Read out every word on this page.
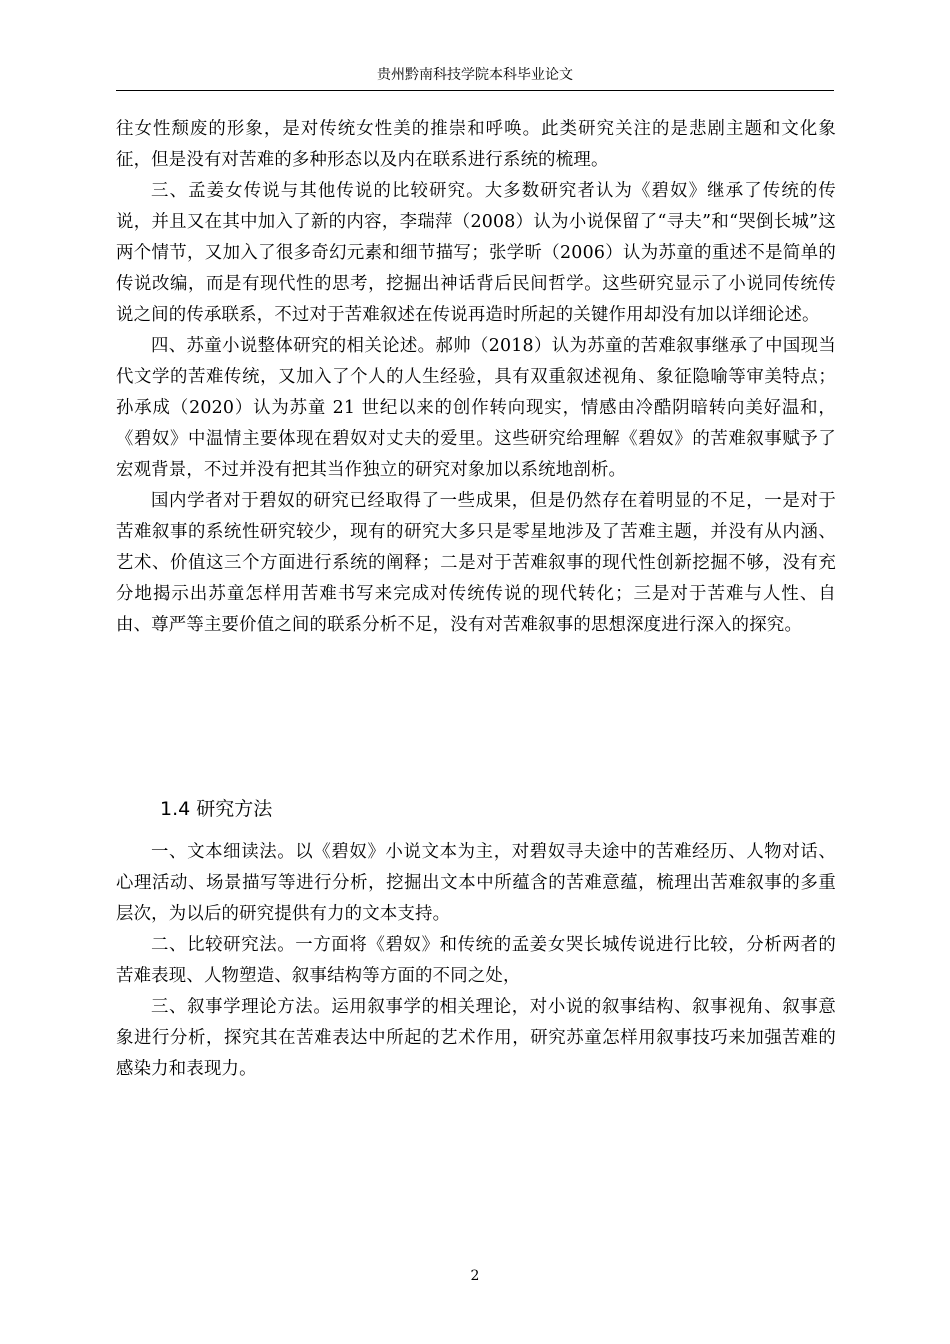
贵州黔南科技学院本科毕业论文

往女性颓废的形象，是对传统女性美的推崇和呼唤。此类研究关注的是悲剧主题和文化象征，但是没有对苦难的多种形态以及内在联系进行系统的梳理。

三、孟姜女传说与其他传说的比较研究。大多数研究者认为《碧奴》继承了传统的传说，并且又在其中加入了新的内容，李瑞萍（2008）认为小说保留了“寻夫”和“哭倒长城”这两个情节，又加入了很多奇幻元素和细节描写；张学昕（2006）认为苏童的重述不是简单的传说改编，而是有现代性的思考，挖掘出神话背后民间哲学。这些研究显示了小说同传统传说之间的传承联系，不过对于苦难叙述在传说再造时所起的关键作用却没有加以详细论述。

四、苏童小说整体研究的相关论述。郝帅（2018）认为苏童的苦难叙事继承了中国现当代文学的苦难传统，又加入了个人的人生经验，具有双重叙述视角、象征隐喻等审美特点；孙承成（2020）认为苏童 21 世纪以来的创作转向现实，情感由冷酷阴暗转向美好温和，《碧奴》中温情主要体现在碧奴对丈夫的爱里。这些研究给理解《碧奴》的苦难叙事赋予了宏观背景，不过并没有把其当作独立的研究对象加以系统地剖析。

国内学者对于碧奴的研究已经取得了一些成果，但是仍然存在着明显的不足，一是对于苦难叙事的系统性研究较少，现有的研究大多只是零星地涉及了苦难主题，并没有从内涵、艺术、价值这三个方面进行系统的阐释；二是对于苦难叙事的现代性创新挖掘不够，没有充分地揭示出苏童怎样用苦难书写来完成对传统传说的现代转化；三是对于苦难与人性、自由、尊严等主要价值之间的联系分析不足，没有对苦难叙事的思想深度进行深入的探究。

1.4 研究方法

一、文本细读法。以《碧奴》小说文本为主，对碧奴寻夫途中的苦难经历、人物对话、心理活动、场景描写等进行分析，挖掘出文本中所蕴含的苦难意蕴，梳理出苦难叙事的多重层次，为以后的研究提供有力的文本支持。

二、比较研究法。一方面将《碧奴》和传统的孟姜女哭长城传说进行比较，分析两者的苦难表现、人物塑造、叙事结构等方面的不同之处，

三、叙事学理论方法。运用叙事学的相关理论，对小说的叙事结构、叙事视角、叙事意象进行分析，探究其在苦难表达中所起的艺术作用，研究苏童怎样用叙事技巧来加强苦难的感染力和表现力。

2
